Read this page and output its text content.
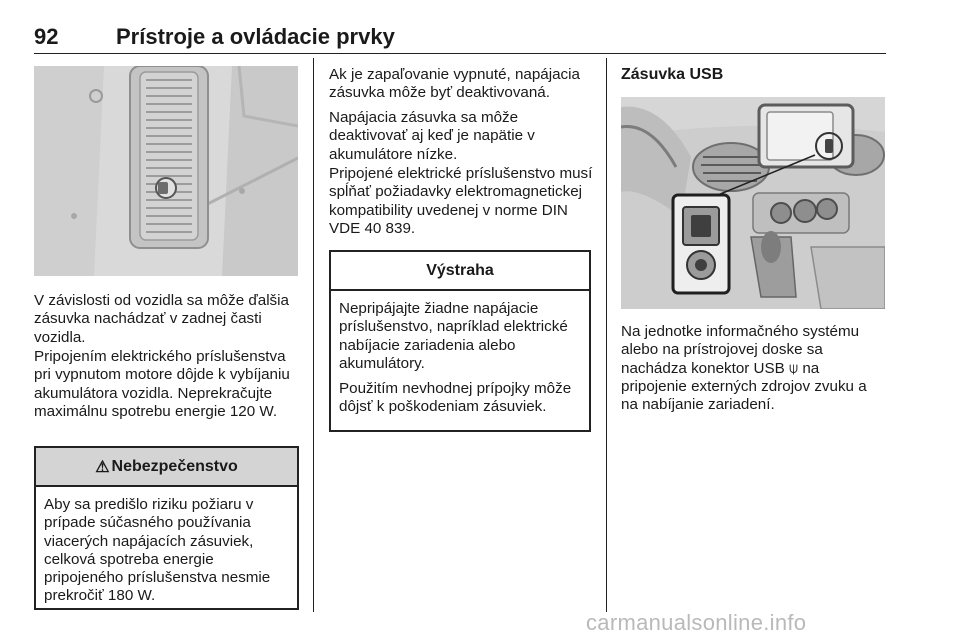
92	Prístroje a ovládacie prvky

V závislosti od vozidla sa môže ďalšia zásuvka nachádzať v zadnej časti vozidla.

Pripojením elektrického príslušenstva pri vypnutom motore dôjde k vybíjaniu akumulátora vozidla. Neprekračujte maximálnu spotrebu energie 120 W.

⚠ Nebezpečenstvo

Aby sa predišlo riziku požiaru v prípade súčasného používania viacerých napájacích zásuviek, celková spotreba energie pripojeného príslušenstva nesmie prekročiť 180 W.

Ak je zapaľovanie vypnuté, napájacia zásuvka môže byť deaktivovaná.

Napájacia zásuvka sa môže deaktivovať aj keď je napätie v akumulátore nízke.

Pripojené elektrické príslušenstvo musí spĺňať požiadavky elektromagnetickej kompatibility uvedenej v norme DIN VDE 40 839.

Výstraha

Nepripájajte žiadne napájacie príslušenstvo, napríklad elektrické nabíjacie zariadenia alebo akumulátory.

Použitím nevhodnej prípojky môže dôjsť k poškodeniam zásuviek.

Zásuvka USB

Na jednotke informačného systému alebo na prístrojovej doske sa nachádza konektor USB ⍦ na pripojenie externých zdrojov zvuku a na nabíjanie zariadení.

carmanualsonline.info
